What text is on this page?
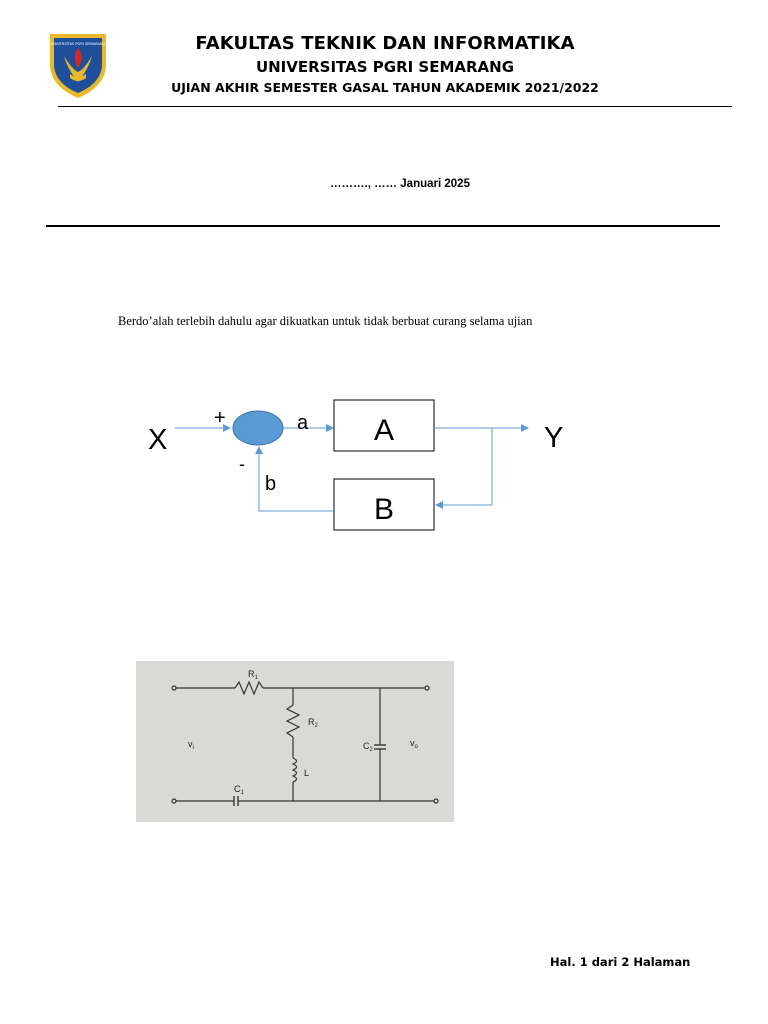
UNIVERSITAS PGRI SEMARANG	FAKULTAS TEKNIK DAN INFORMATIKA
UNIVERSITAS PGRI SEMARANG
UJIAN AKHIR SEMESTER GASAL TAHUN AKADEMIK 2021/2022
………., …… Januari 2025
Berdo’alah terlebih dahulu agar dikuatkan untuk tidak berbuat curang selama ujian
X	Y
+
-
a
b
A
B
$R_1$
$R_2$
L
$C_1$
$C_2$
$v_i$	$v_o$
Hal. 1 dari 2 Halaman
